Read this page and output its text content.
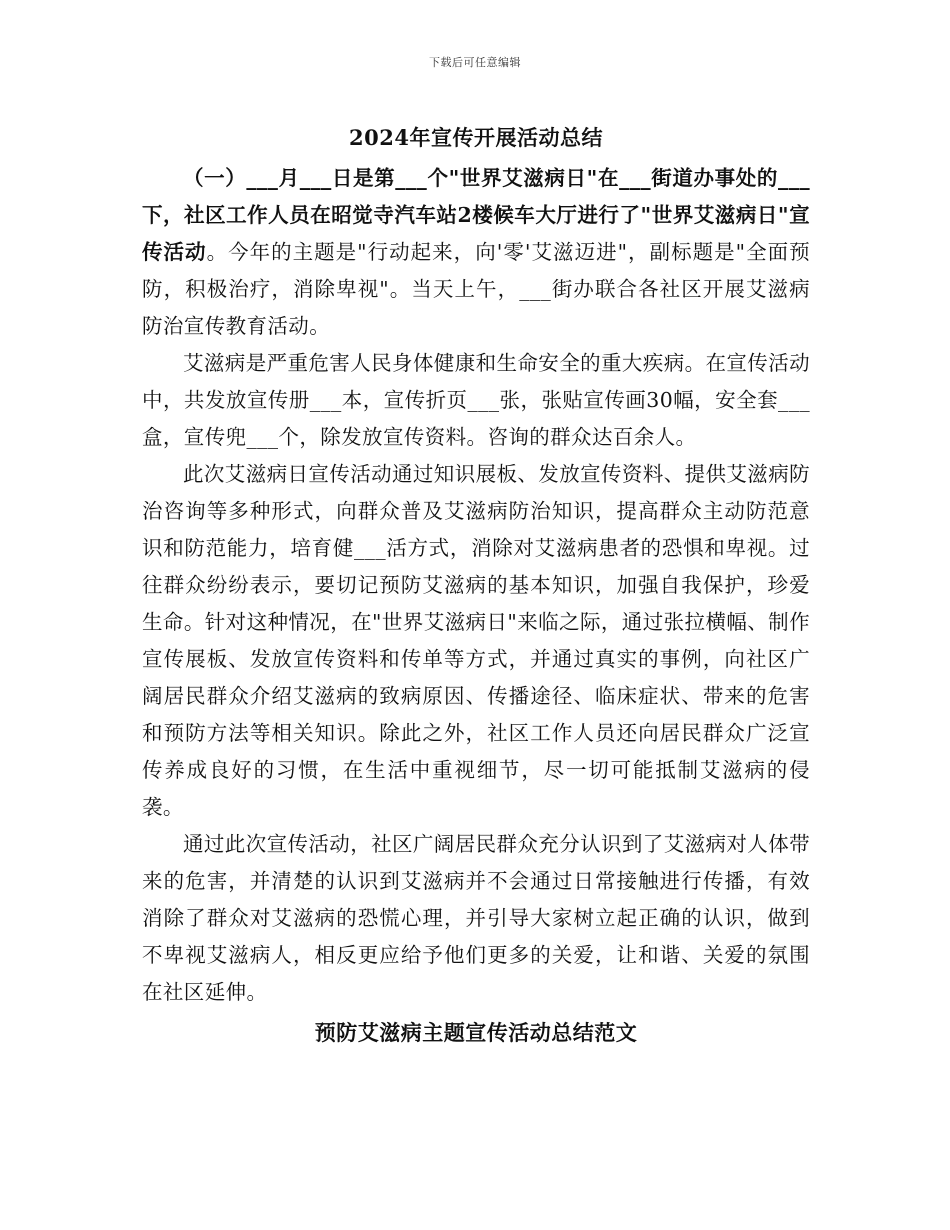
下载后可任意编辑
2024年宣传开展活动总结

（一）___月___日是第___个"世界艾滋病日"在___街道办事处的___下，社区工作人员在昭觉寺汽车站2楼候车大厅进行了"世界艾滋病日"宣传活动。今年的主题是"行动起来，向'零'艾滋迈进"，副标题是"全面预防，积极治疗，消除卑视"。当天上午，___街办联合各社区开展艾滋病防治宣传教育活动。

艾滋病是严重危害人民身体健康和生命安全的重大疾病。在宣传活动中，共发放宣传册___本，宣传折页___张，张贴宣传画30幅，安全套___盒，宣传兜___个，除发放宣传资料。咨询的群众达百余人。

此次艾滋病日宣传活动通过知识展板、发放宣传资料、提供艾滋病防治咨询等多种形式，向群众普及艾滋病防治知识，提高群众主动防范意识和防范能力，培育健___活方式，消除对艾滋病患者的恐惧和卑视。过往群众纷纷表示，要切记预防艾滋病的基本知识，加强自我保护，珍爱生命。针对这种情况，在"世界艾滋病日"来临之际，通过张拉横幅、制作宣传展板、发放宣传资料和传单等方式，并通过真实的事例，向社区广阔居民群众介绍艾滋病的致病原因、传播途径、临床症状、带来的危害和预防方法等相关知识。除此之外，社区工作人员还向居民群众广泛宣传养成良好的习惯，在生活中重视细节，尽一切可能抵制艾滋病的侵袭。

通过此次宣传活动，社区广阔居民群众充分认识到了艾滋病对人体带来的危害，并清楚的认识到艾滋病并不会通过日常接触进行传播，有效消除了群众对艾滋病的恐慌心理，并引导大家树立起正确的认识，做到不卑视艾滋病人，相反更应给予他们更多的关爱，让和谐、关爱的氛围在社区延伸。

预防艾滋病主题宣传活动总结范文
